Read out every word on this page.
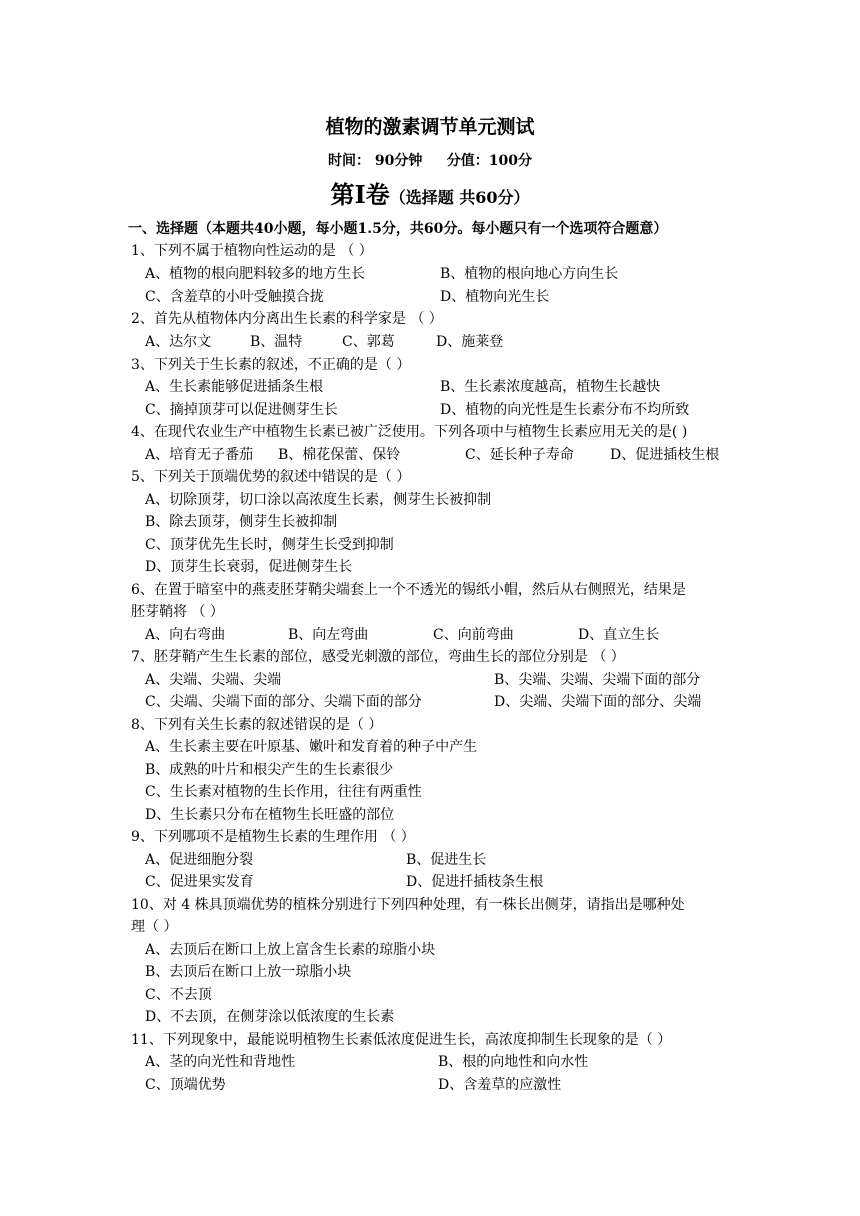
植物的激素调节单元测试
时间： 90分钟     分值：100分
第Ⅰ卷（选择题 共60分）
一、选择题（本题共40小题，每小题1.5分，共60分。每小题只有一个选项符合题意）
1、下列不属于植物向性运动的是 （ ）
A、植物的根向肥料较多的地方生长	B、植物的根向地心方向生长
C、含羞草的小叶受触摸合拢	D、植物向光生长
2、首先从植物体内分离出生长素的科学家是 （ ）
A、达尔文	B、温特	C、郭葛	D、施莱登
3、下列关于生长素的叙述，不正确的是（ ）
A、生长素能够促进插条生根	B、生长素浓度越高，植物生长越快
C、摘掉顶芽可以促进侧芽生长	D、植物的向光性是生长素分布不均所致
4、在现代农业生产中植物生长素已被广泛使用。下列各项中与植物生长素应用无关的是( )
A、培育无子番茄 B、棉花保蕾、保铃	C、延长种子寿命	D、促进插枝生根
5、下列关于顶端优势的叙述中错误的是（ ）
A、切除顶芽，切口涂以高浓度生长素，侧芽生长被抑制
B、除去顶芽，侧芽生长被抑制
C、顶芽优先生长时，侧芽生长受到抑制
D、顶芽生长衰弱，促进侧芽生长
6、在置于暗室中的燕麦胚芽鞘尖端套上一个不透光的锡纸小帽，然后从右侧照光，结果是
胚芽鞘将 （ ）
A、向右弯曲	B、向左弯曲	C、向前弯曲	D、直立生长
7、胚芽鞘产生生长素的部位，感受光刺激的部位，弯曲生长的部位分别是 （ ）
A、尖端、尖端、尖端	B、尖端、尖端、尖端下面的部分
C、尖端、尖端下面的部分、尖端下面的部分	D、尖端、尖端下面的部分、尖端
8、下列有关生长素的叙述错误的是（ ）
A、生长素主要在叶原基、嫩叶和发育着的种子中产生
B、成熟的叶片和根尖产生的生长素很少
C、生长素对植物的生长作用，往往有两重性
D、生长素只分布在植物生长旺盛的部位
9、下列哪项不是植物生长素的生理作用 （ ）
A、促进细胞分裂	B、促进生长
C、促进果实发育	D、促进扦插枝条生根
10、对 4 株具顶端优势的植株分别进行下列四种处理，有一株长出侧芽，请指出是哪种处
理（ ）
A、去顶后在断口上放上富含生长素的琼脂小块
B、去顶后在断口上放一琼脂小块
C、不去顶
D、不去顶，在侧芽涂以低浓度的生长素
11、下列现象中，最能说明植物生长素低浓度促进生长，高浓度抑制生长现象的是（ ）
A、茎的向光性和背地性	B、根的向地性和向水性
C、顶端优势	D、含羞草的应激性
